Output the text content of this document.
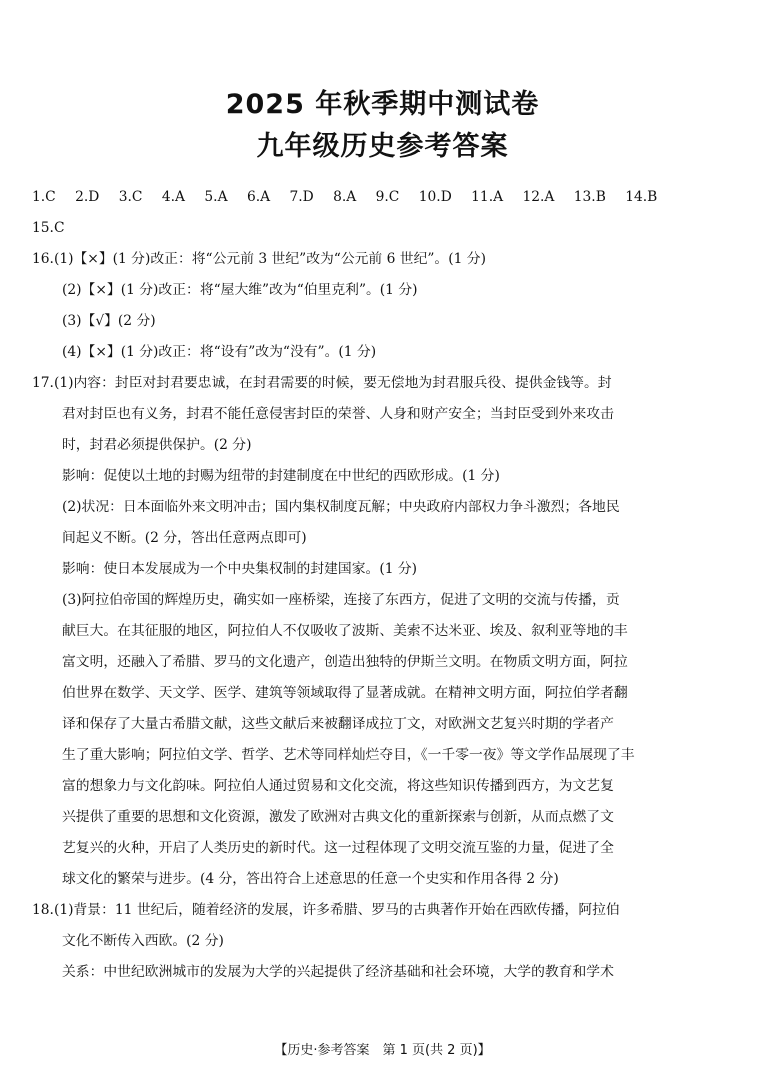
2025 年秋季期中测试卷
九年级历史参考答案
1.C 2.D 3.C 4.A 5.A 6.A 7.D 8.A 9.C 10.D 11.A 12.A 13.B 14.B
15.C
16.(1)【×】(1 分)改正：将“公元前 3 世纪”改为“公元前 6 世纪”。(1 分)
(2)【×】(1 分)改正：将“屋大维”改为“伯里克利”。(1 分)
(3)【√】(2 分)
(4)【×】(1 分)改正：将“设有”改为“没有”。(1 分)
17.(1)内容：封臣对封君要忠诚，在封君需要的时候，要无偿地为封君服兵役、提供金钱等。封
君对封臣也有义务，封君不能任意侵害封臣的荣誉、人身和财产安全；当封臣受到外来攻击
时，封君必须提供保护。(2 分)
影响：促使以土地的封赐为纽带的封建制度在中世纪的西欧形成。(1 分)
(2)状况：日本面临外来文明冲击；国内集权制度瓦解；中央政府内部权力争斗激烈；各地民
间起义不断。(2 分，答出任意两点即可)
影响：使日本发展成为一个中央集权制的封建国家。(1 分)
(3)阿拉伯帝国的辉煌历史，确实如一座桥梁，连接了东西方，促进了文明的交流与传播，贡
献巨大。在其征服的地区，阿拉伯人不仅吸收了波斯、美索不达米亚、埃及、叙利亚等地的丰
富文明，还融入了希腊、罗马的文化遗产，创造出独特的伊斯兰文明。在物质文明方面，阿拉
伯世界在数学、天文学、医学、建筑等领域取得了显著成就。在精神文明方面，阿拉伯学者翻
译和保存了大量古希腊文献，这些文献后来被翻译成拉丁文，对欧洲文艺复兴时期的学者产
生了重大影响；阿拉伯文学、哲学、艺术等同样灿烂夺目，《一千零一夜》等文学作品展现了丰
富的想象力与文化韵味。阿拉伯人通过贸易和文化交流，将这些知识传播到西方，为文艺复
兴提供了重要的思想和文化资源，激发了欧洲对古典文化的重新探索与创新，从而点燃了文
艺复兴的火种，开启了人类历史的新时代。这一过程体现了文明交流互鉴的力量，促进了全
球文化的繁荣与进步。(4 分，答出符合上述意思的任意一个史实和作用各得 2 分)
18.(1)背景：11 世纪后，随着经济的发展，许多希腊、罗马的古典著作开始在西欧传播，阿拉伯
文化不断传入西欧。(2 分)
关系：中世纪欧洲城市的发展为大学的兴起提供了经济基础和社会环境，大学的教育和学术
【历史·参考答案　第 1 页(共 2 页)】
